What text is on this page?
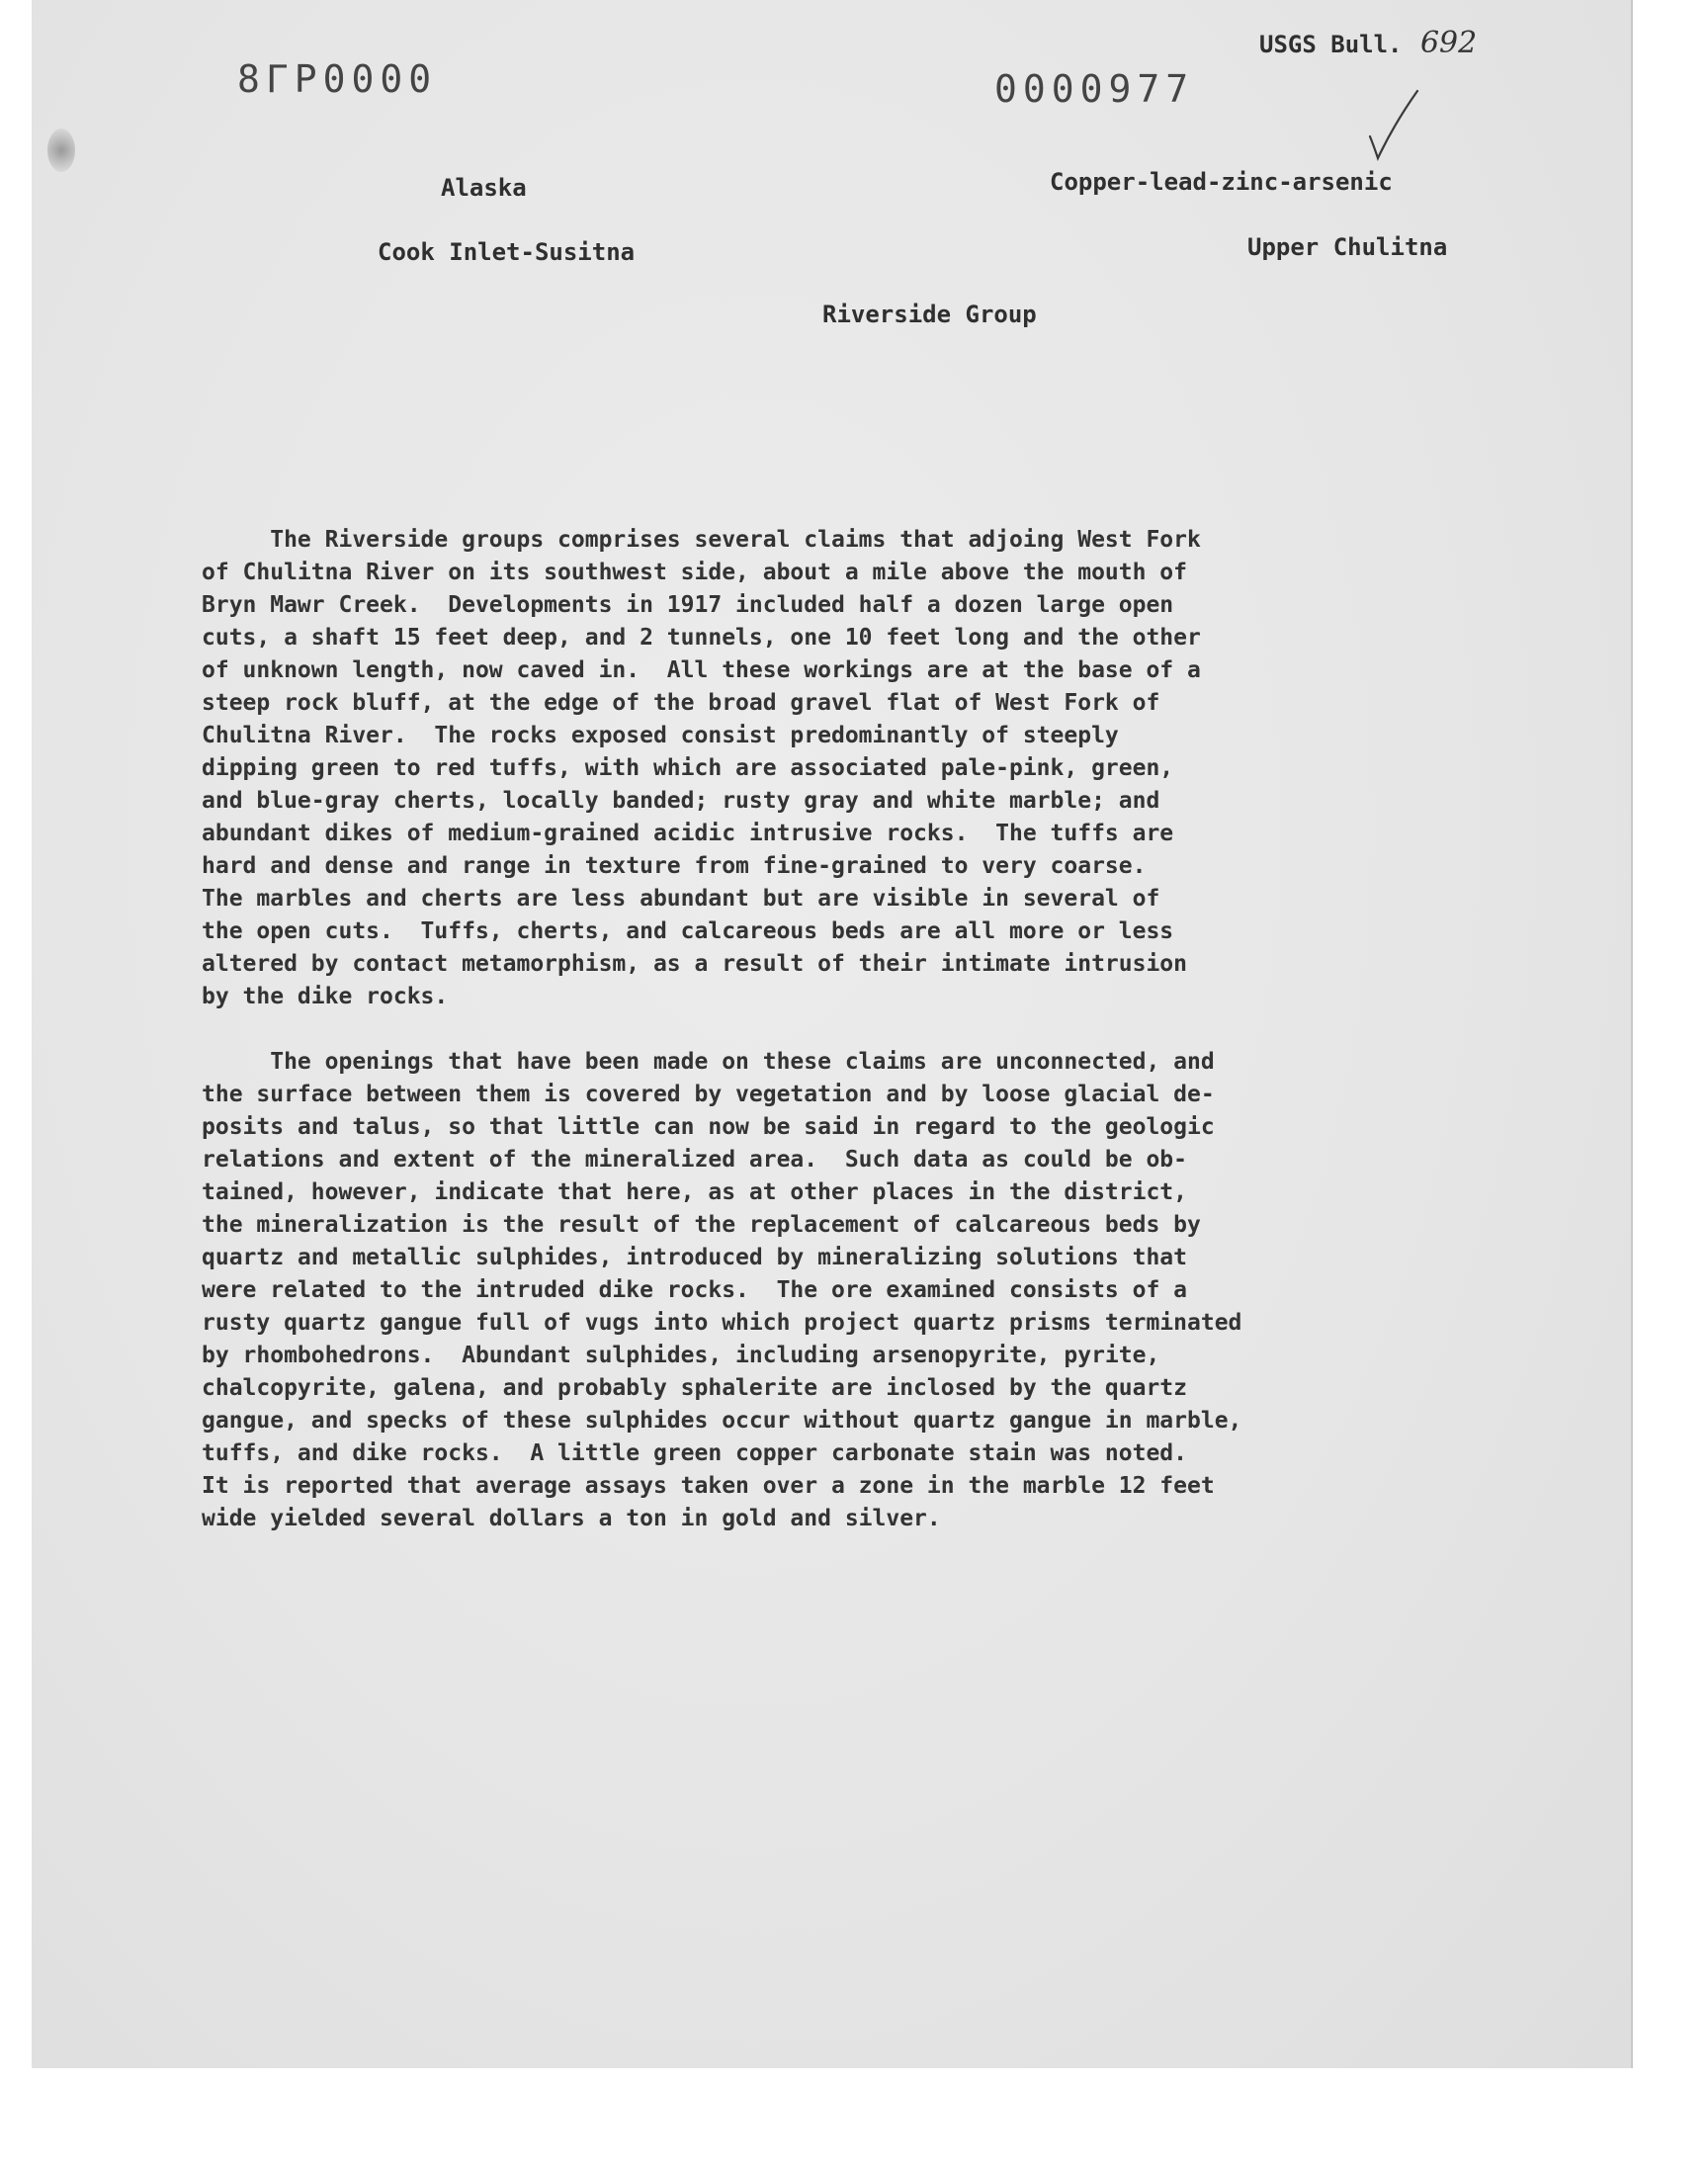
8ΓP0000	0000977
USGS Bull. 692
Alaska	Copper-lead-zinc-arsenic
Cook Inlet-Susitna	Upper Chulitna
Riverside Group
The Riverside groups comprises several claims that adjoing West Fork
of Chulitna River on its southwest side, about a mile above the mouth of
Bryn Mawr Creek.  Developments in 1917 included half a dozen large open
cuts, a shaft 15 feet deep, and 2 tunnels, one 10 feet long and the other
of unknown length, now caved in.  All these workings are at the base of a
steep rock bluff, at the edge of the broad gravel flat of West Fork of
Chulitna River.  The rocks exposed consist predominantly of steeply
dipping green to red tuffs, with which are associated pale-pink, green,
and blue-gray cherts, locally banded; rusty gray and white marble; and
abundant dikes of medium-grained acidic intrusive rocks.  The tuffs are
hard and dense and range in texture from fine-grained to very coarse.
The marbles and cherts are less abundant but are visible in several of
the open cuts.  Tuffs, cherts, and calcareous beds are all more or less
altered by contact metamorphism, as a result of their intimate intrusion
by the dike rocks.
The openings that have been made on these claims are unconnected, and
the surface between them is covered by vegetation and by loose glacial de-
posits and talus, so that little can now be said in regard to the geologic
relations and extent of the mineralized area.  Such data as could be ob-
tained, however, indicate that here, as at other places in the district,
the mineralization is the result of the replacement of calcareous beds by
quartz and metallic sulphides, introduced by mineralizing solutions that
were related to the intruded dike rocks.  The ore examined consists of a
rusty quartz gangue full of vugs into which project quartz prisms terminated
by rhombohedrons.  Abundant sulphides, including arsenopyrite, pyrite,
chalcopyrite, galena, and probably sphalerite are inclosed by the quartz
gangue, and specks of these sulphides occur without quartz gangue in marble,
tuffs, and dike rocks.  A little green copper carbonate stain was noted.
It is reported that average assays taken over a zone in the marble 12 feet
wide yielded several dollars a ton in gold and silver.
